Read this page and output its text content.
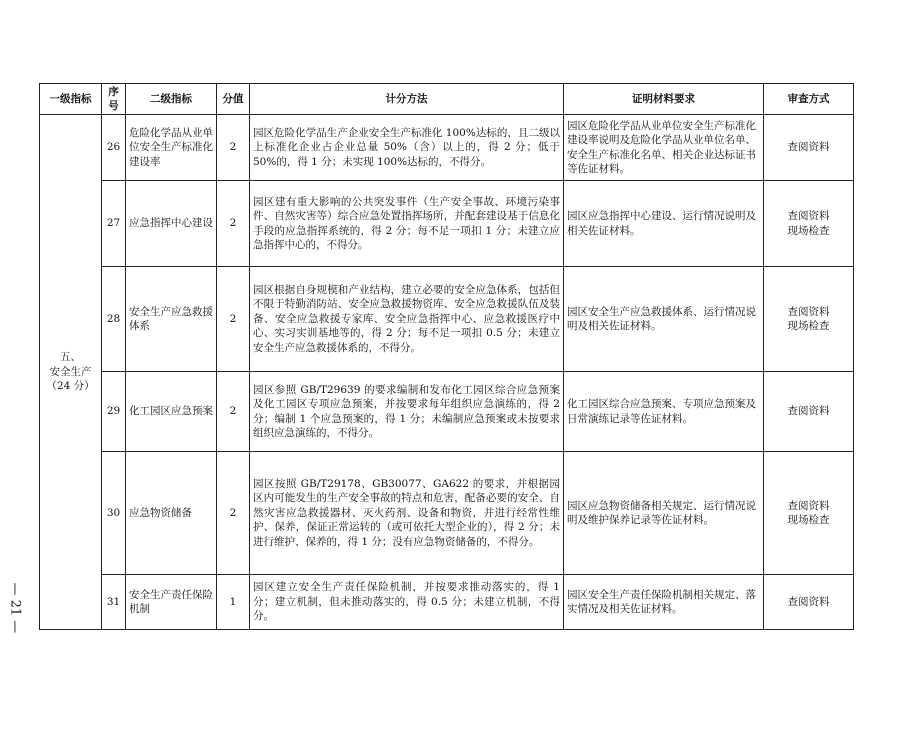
一级指标	序号	二级指标	分值	计分方法	证明材料要求	审查方式

五、
安全生产
（24 分）	26	危险化学品从业单位安全生产标准化建设率	2	园区危险化学品生产企业安全生产标准化 100%达标的，且二级以上标准化企业占企业总量 50%（含）以上的，得 2 分；低于 50%的，得 1 分；未实现 100%达标的，不得分。	园区危险化学品从业单位安全生产标准化建设率说明及危险化学品从业单位名单、安全生产标准化名单、相关企业达标证书等佐证材料。	查阅资料

	27	应急指挥中心建设	2	园区建有重大影响的公共突发事件（生产安全事故、环境污染事件、自然灾害等）综合应急处置指挥场所，并配套建设基于信息化手段的应急指挥系统的，得 2 分；每不足一项扣 1 分；未建立应急指挥中心的，不得分。	园区应急指挥中心建设、运行情况说明及相关佐证材料。	查阅资料
现场检查

	28	安全生产应急救援体系	2	园区根据自身规模和产业结构，建立必要的安全应急体系，包括但不限于特勤消防站、安全应急救援物资库、安全应急救援队伍及装备、安全应急救援专家库、安全应急指挥中心、应急救援医疗中心、实习实训基地等的，得 2 分；每不足一项扣 0.5 分；未建立安全生产应急救援体系的，不得分。	园区安全生产应急救援体系、运行情况说明及相关佐证材料。	查阅资料
现场检查

	29	化工园区应急预案	2	园区参照 GB/T29639 的要求编制和发布化工园区综合应急预案及化工园区专项应急预案，并按要求每年组织应急演练的，得 2 分；编制 1 个应急预案的，得 1 分；未编制应急预案或未按要求组织应急演练的，不得分。	化工园区综合应急预案、专项应急预案及日常演练记录等佐证材料。	查阅资料

	30	应急物资储备	2	园区按照 GB/T29178、GB30077、GA622 的要求，并根据园区内可能发生的生产安全事故的特点和危害，配备必要的安全、自然灾害应急救援器材、灭火药剂、设备和物资，并进行经常性维护、保养，保证正常运转的（或可依托大型企业的），得 2 分；未进行维护、保养的，得 1 分；没有应急物资储备的，不得分。	园区应急物资储备相关规定、运行情况说明及维护保养记录等佐证材料。	查阅资料
现场检查

	31	安全生产责任保险机制	1	园区建立安全生产责任保险机制，并按要求推动落实的，得 1 分；建立机制，但未推动落实的，得 0.5 分；未建立机制，不得分。	园区安全生产责任保险机制相关规定、落实情况及相关佐证材料。	查阅资料
— 21 —
